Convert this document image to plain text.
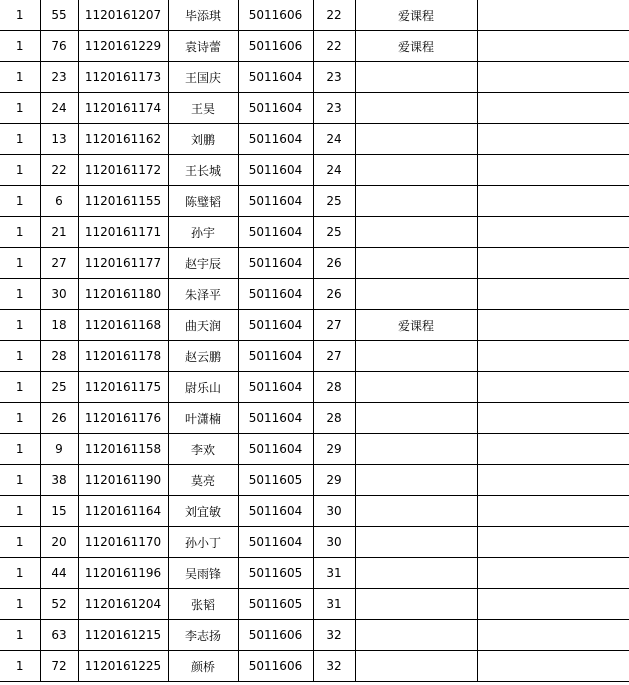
1	55	1120161207	毕添琪	5011606	22	爱课程	
1	76	1120161229	袁诗蕾	5011606	22	爱课程	
1	23	1120161173	王国庆	5011604	23		
1	24	1120161174	王昊	5011604	23		
1	13	1120161162	刘鹏	5011604	24		
1	22	1120161172	王长城	5011604	24		
1	6	1120161155	陈璧韬	5011604	25		
1	21	1120161171	孙宇	5011604	25		
1	27	1120161177	赵宇辰	5011604	26		
1	30	1120161180	朱泽平	5011604	26		
1	18	1120161168	曲天润	5011604	27	爱课程	
1	28	1120161178	赵云鹏	5011604	27		
1	25	1120161175	尉乐山	5011604	28		
1	26	1120161176	叶潇楠	5011604	28		
1	9	1120161158	李欢	5011604	29		
1	38	1120161190	莫亮	5011605	29		
1	15	1120161164	刘宜敏	5011604	30		
1	20	1120161170	孙小丁	5011604	30		
1	44	1120161196	吴雨锋	5011605	31		
1	52	1120161204	张韬	5011605	31		
1	63	1120161215	李志扬	5011606	32		
1	72	1120161225	颜桥	5011606	32		
